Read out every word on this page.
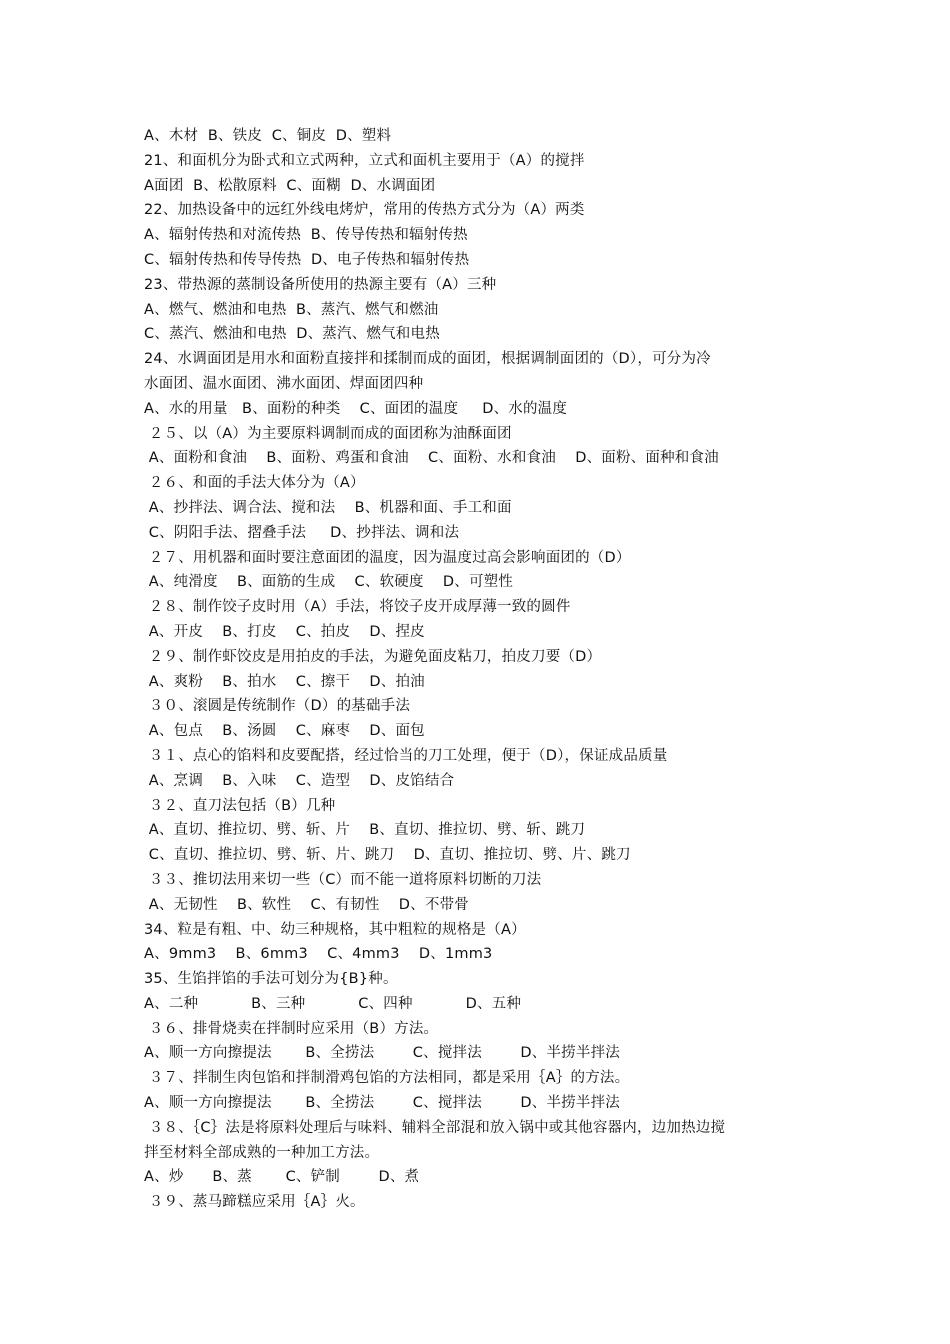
A、木材  B、铁皮  C、铜皮  D、塑料
21、和面机分为卧式和立式两种，立式和面机主要用于（A）的搅拌
A面团  B、松散原料  C、面糊  D、水调面团
22、加热设备中的远红外线电烤炉，常用的传热方式分为（A）两类
A、辐射传热和对流传热  B、传导传热和辐射传热
C、辐射传热和传导传热  D、电子传热和辐射传热
23、带热源的蒸制设备所使用的热源主要有（A）三种
A、燃气、燃油和电热  B、蒸汽、燃气和燃油
C、蒸汽、燃油和电热  D、蒸汽、燃气和电热
24、水调面团是用水和面粉直接拌和揉制而成的面团，根据调制面团的（D），可分为冷
水面团、温水面团、沸水面团、焊面团四种
A、水的用量   B、面粉的种类    C、面团的温度     D、水的温度
２５、以（A）为主要原料调制而成的面团称为油酥面团
A、面粉和食油    B、面粉、鸡蛋和食油    C、面粉、水和食油    D、面粉、面种和食油
２６、和面的手法大体分为（A）
A、抄拌法、调合法、搅和法    B、机器和面、手工和面
C、阴阳手法、摺叠手法     D、抄拌法、调和法
２７、用机器和面时要注意面团的温度，因为温度过高会影响面团的（D）
A、纯滑度    B、面筋的生成    C、软硬度    D、可塑性
２８、制作饺子皮时用（A）手法，将饺子皮开成厚薄一致的圆件
A、开皮    B、打皮    C、拍皮    D、捏皮
２９、制作虾饺皮是用拍皮的手法，为避免面皮粘刀，拍皮刀要（D）
A、爽粉    B、拍水    C、擦干    D、拍油
３０、滚圆是传统制作（D）的基础手法
A、包点    B、汤圆    C、麻枣    D、面包
３１、点心的馅料和皮要配搭，经过恰当的刀工处理，便于（D），保证成品质量
A、烹调    B、入味    C、造型    D、皮馅结合
３２、直刀法包括（B）几种
A、直切、推拉切、劈、斩、片    B、直切、推拉切、劈、斩、跳刀
C、直切、推拉切、劈、斩、片、跳刀    D、直切、推拉切、劈、片、跳刀
３３、推切法用来切一些（C）而不能一道将原料切断的刀法
A、无韧性    B、软性    C、有韧性    D、不带骨
34、粒是有粗、中、幼三种规格，其中粗粒的规格是（A）
A、9mm3    B、6mm3    C、4mm3    D、1mm3
35、生馅拌馅的手法可划分为{B}种。
A、二种           B、三种           C、四种           D、五种
３６、排骨烧卖在拌制时应采用（B）方法。
A、顺一方向擦提法       B、全捞法        C、搅拌法        D、半捞半拌法
３７、拌制生肉包馅和拌制滑鸡包馅的方法相同，都是采用｛A｝的方法。
A、顺一方向擦提法       B、全捞法        C、搅拌法        D、半捞半拌法
３８、｛C｝法是将原料处理后与味料、辅料全部混和放入锅中或其他容器内，边加热边搅
拌至材料全部成熟的一种加工方法。
A、炒      B、蒸       C、铲制        D、煮
３９、蒸马蹄糕应采用｛A｝火。
